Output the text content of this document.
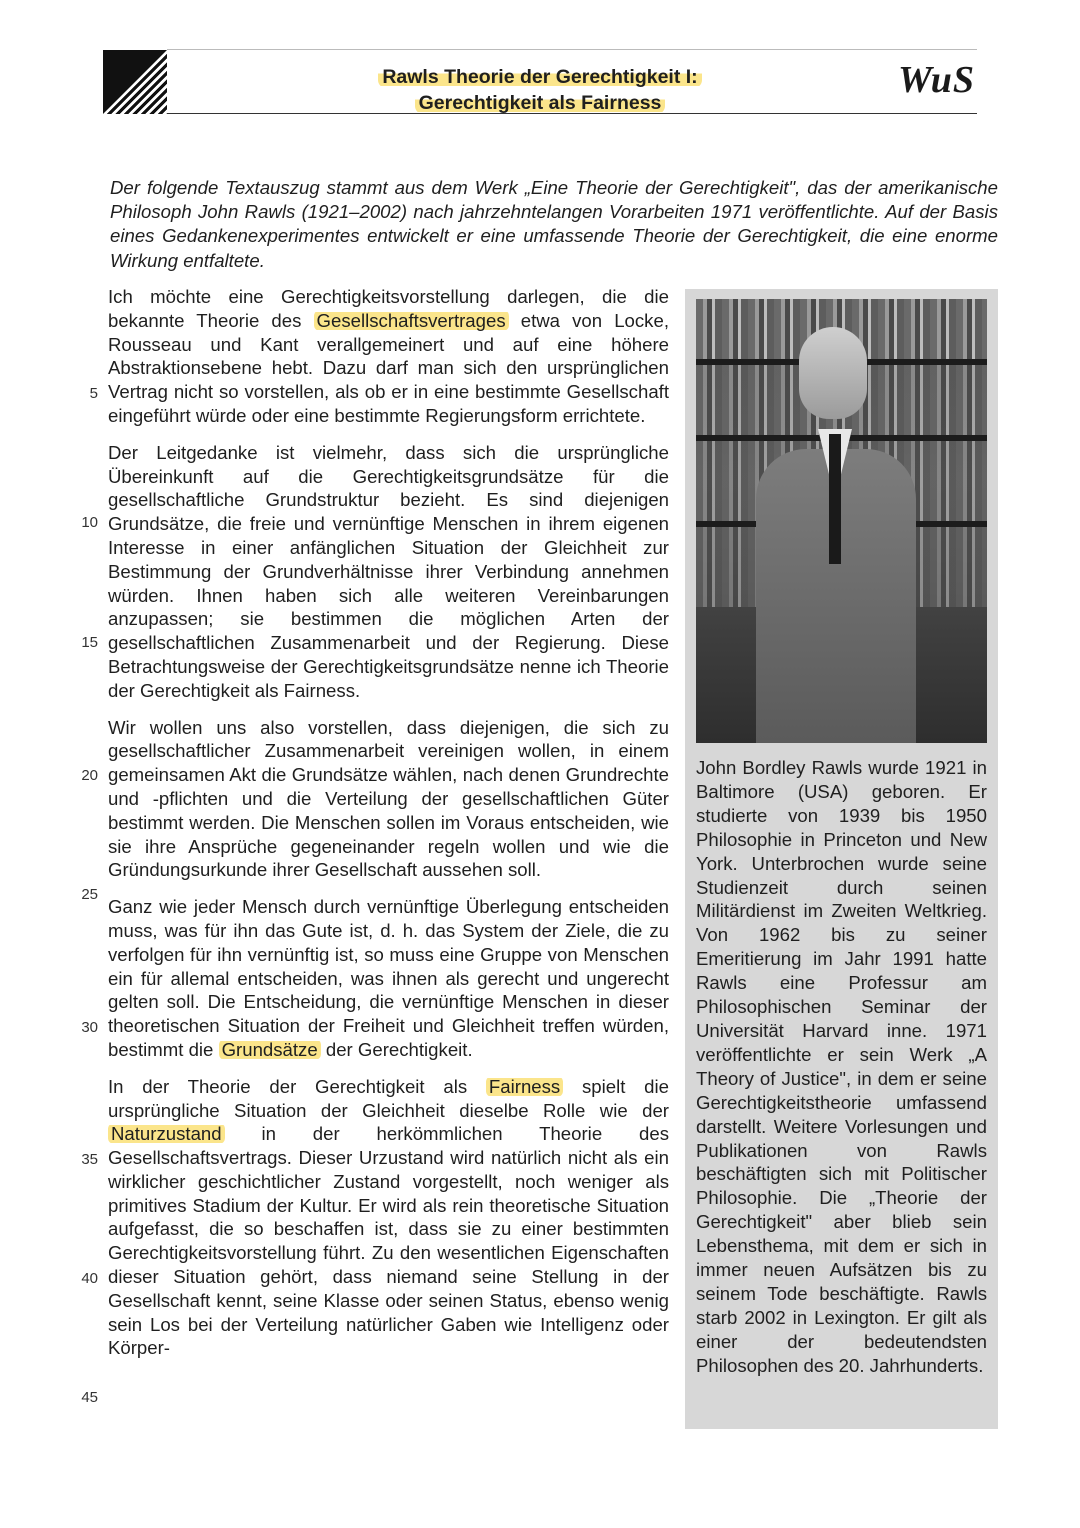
Rawls Theorie der Gerechtigkeit I:
Gerechtigkeit als Fairness
WuS
Der folgende Textauszug stammt aus dem Werk „Eine Theorie der Gerechtigkeit", das der amerikanische Philosoph John Rawls (1921–2002) nach jahrzehntelangen Vorarbeiten 1971 veröffentlichte. Auf der Basis eines Gedankenexperimentes entwickelt er eine umfassende Theorie der Gerechtigkeit, die eine enorme Wirkung entfaltete.
5
10
15
20
25
30
35
40
45

Ich möchte eine Gerechtigkeitsvorstellung darlegen, die die bekannte Theorie des Gesellschaftsvertrages etwa von Locke, Rousseau und Kant verallgemeinert und auf eine höhere Abstraktionsebene hebt. Dazu darf man sich den ursprünglichen Vertrag nicht so vorstellen, als ob er in eine bestimmte Gesellschaft eingeführt würde oder eine bestimmte Regierungsform errichtete.

Der Leitgedanke ist vielmehr, dass sich die ursprüngliche Übereinkunft auf die Gerechtigkeitsgrundsätze für die gesellschaftliche Grundstruktur bezieht. Es sind diejenigen Grundsätze, die freie und vernünftige Menschen in ihrem eigenen Interesse in einer anfänglichen Situation der Gleichheit zur Bestimmung der Grundverhältnisse ihrer Verbindung annehmen würden. Ihnen haben sich alle weiteren Vereinbarungen anzupassen; sie bestimmen die möglichen Arten der gesellschaftlichen Zusammenarbeit und der Regierung. Diese Betrachtungsweise der Gerechtigkeitsgrundsätze nenne ich Theorie der Gerechtigkeit als Fairness.

Wir wollen uns also vorstellen, dass diejenigen, die sich zu gesellschaftlicher Zusammenarbeit vereinigen wollen, in einem gemeinsamen Akt die Grundsätze wählen, nach denen Grundrechte und -pflichten und die Verteilung der gesellschaftlichen Güter bestimmt werden. Die Menschen sollen im Voraus entscheiden, wie sie ihre Ansprüche gegeneinander regeln wollen und wie die Gründungsurkunde ihrer Gesellschaft aussehen soll.

Ganz wie jeder Mensch durch vernünftige Überlegung entscheiden muss, was für ihn das Gute ist, d. h. das System der Ziele, die zu verfolgen für ihn vernünftig ist, so muss eine Gruppe von Menschen ein für allemal entscheiden, was ihnen als gerecht und ungerecht gelten soll. Die Entscheidung, die vernünftige Menschen in dieser theoretischen Situation der Freiheit und Gleichheit treffen würden, bestimmt die Grundsätze der Gerechtigkeit.

In der Theorie der Gerechtigkeit als Fairness spielt die ursprüngliche Situation der Gleichheit dieselbe Rolle wie der Naturzustand in der herkömmlichen Theorie des Gesellschaftsvertrags. Dieser Urzustand wird natürlich nicht als ein wirklicher geschichtlicher Zustand vorgestellt, noch weniger als primitives Stadium der Kultur. Er wird als rein theoretische Situation aufgefasst, die so beschaffen ist, dass sie zu einer bestimmten Gerechtigkeitsvorstellung führt. Zu den wesentlichen Eigenschaften dieser Situation gehört, dass niemand seine Stellung in der Gesellschaft kennt, seine Klasse oder seinen Status, ebenso wenig sein Los bei der Verteilung natürlicher Gaben wie Intelligenz oder Körper-

John Bordley Rawls wurde 1921 in Baltimore (USA) geboren. Er studierte von 1939 bis 1950 Philosophie in Princeton und New York. Unterbrochen wurde seine Studienzeit durch seinen Militärdienst im Zweiten Weltkrieg. Von 1962 bis zu seiner Emeritierung im Jahr 1991 hatte Rawls eine Professur am Philosophischen Seminar der Universität Harvard inne. 1971 veröffentlichte er sein Werk „A Theory of Justice", in dem er seine Gerechtigkeitstheorie umfassend darstellt. Weitere Vorlesungen und Publikationen von Rawls beschäftigten sich mit Politischer Philosophie. Die „Theorie der Gerechtigkeit" aber blieb sein Lebensthema, mit dem er sich in immer neuen Aufsätzen bis zu seinem Tode beschäftigte. Rawls starb 2002 in Lexington. Er gilt als einer der bedeutendsten Philosophen des 20. Jahrhunderts.
